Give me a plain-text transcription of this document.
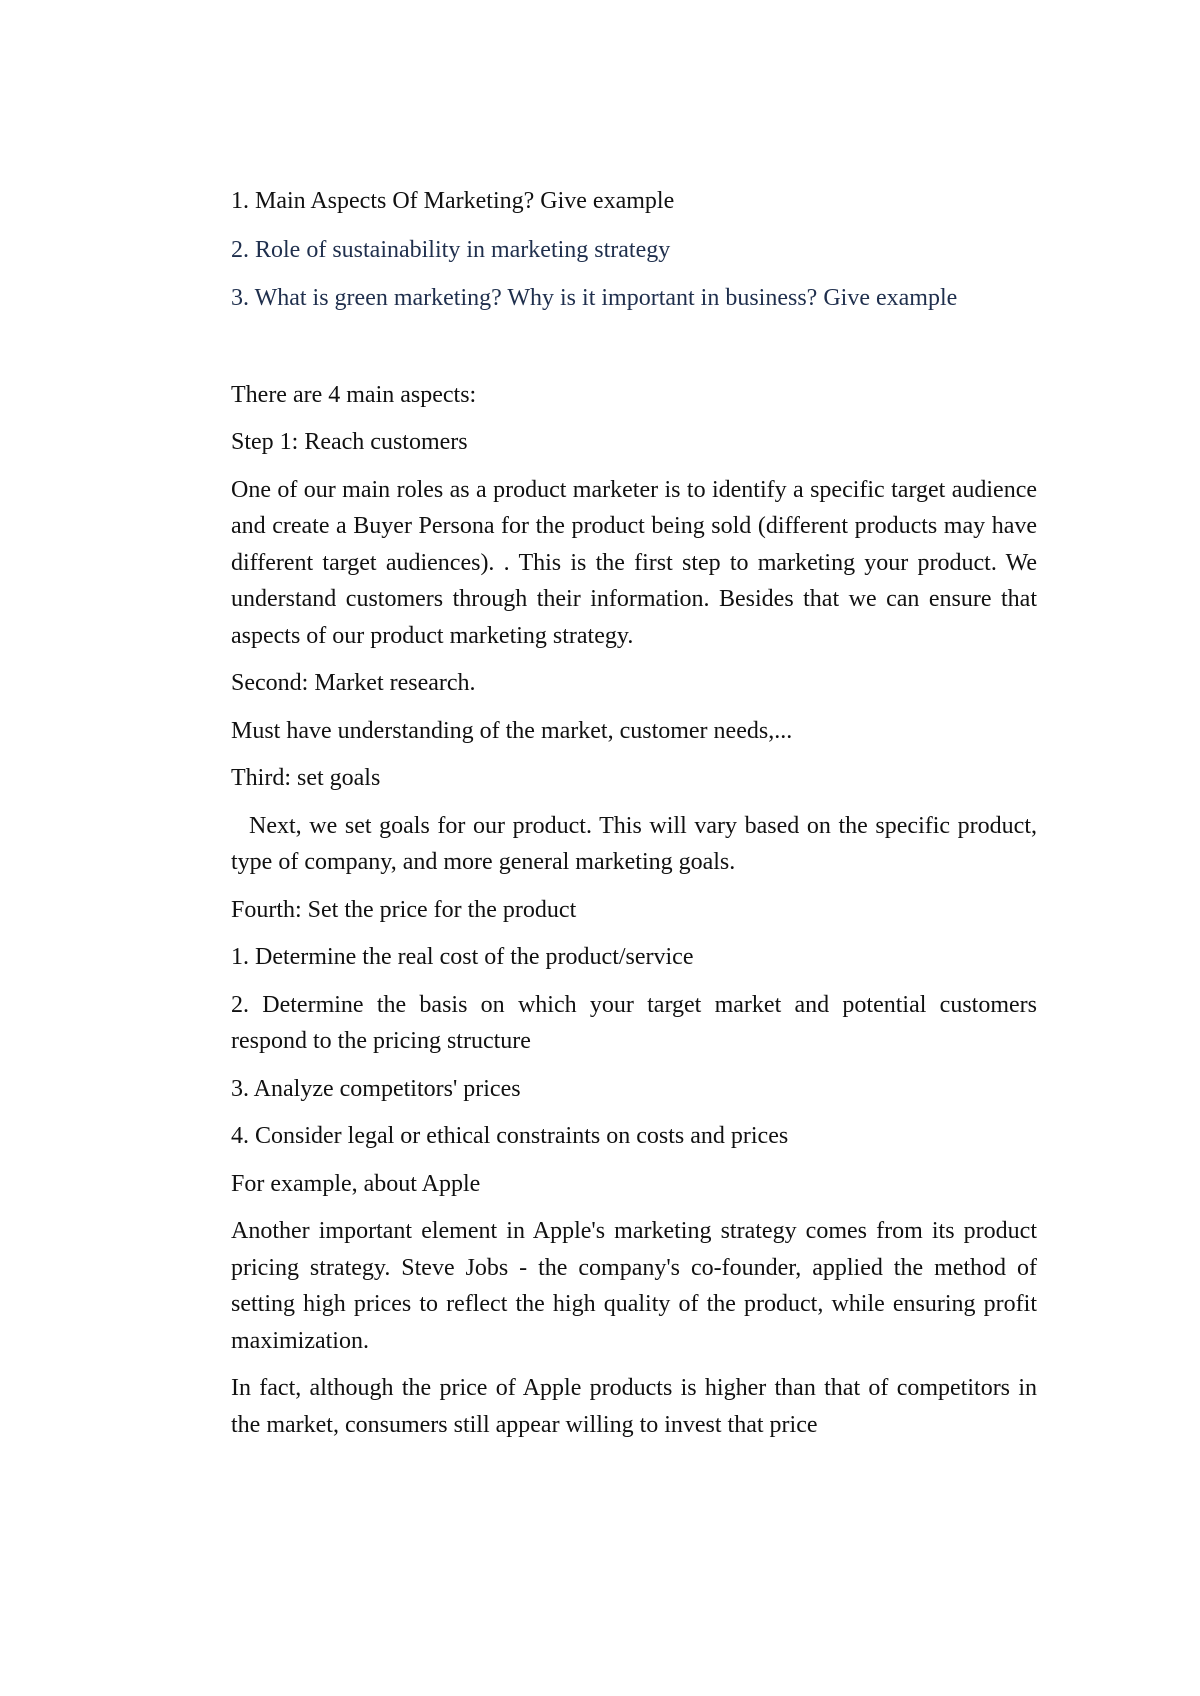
1. Main Aspects Of Marketing? Give example

2. Role of sustainability in marketing strategy

3. What is green marketing? Why is it important in business? Give example

There are 4 main aspects:

Step 1: Reach customers

One of our main roles as a product marketer is to identify a specific target audience and create a Buyer Persona for the product being sold (different products may have different target audiences). . This is the first step to marketing your product. We understand customers through their information. Besides that we can ensure that aspects of our product marketing strategy.

Second: Market research.

Must have understanding of the market, customer needs,...

Third: set goals

Next, we set goals for our product. This will vary based on the specific product, type of company, and more general marketing goals.

Fourth: Set the price for the product

1. Determine the real cost of the product/service

2. Determine the basis on which your target market and potential customers respond to the pricing structure

3. Analyze competitors' prices

4. Consider legal or ethical constraints on costs and prices

For example, about Apple

Another important element in Apple's marketing strategy comes from its product pricing strategy. Steve Jobs - the company's co-founder, applied the method of setting high prices to reflect the high quality of the product, while ensuring profit maximization.

In fact, although the price of Apple products is higher than that of competitors in the market, consumers still appear willing to invest that price
